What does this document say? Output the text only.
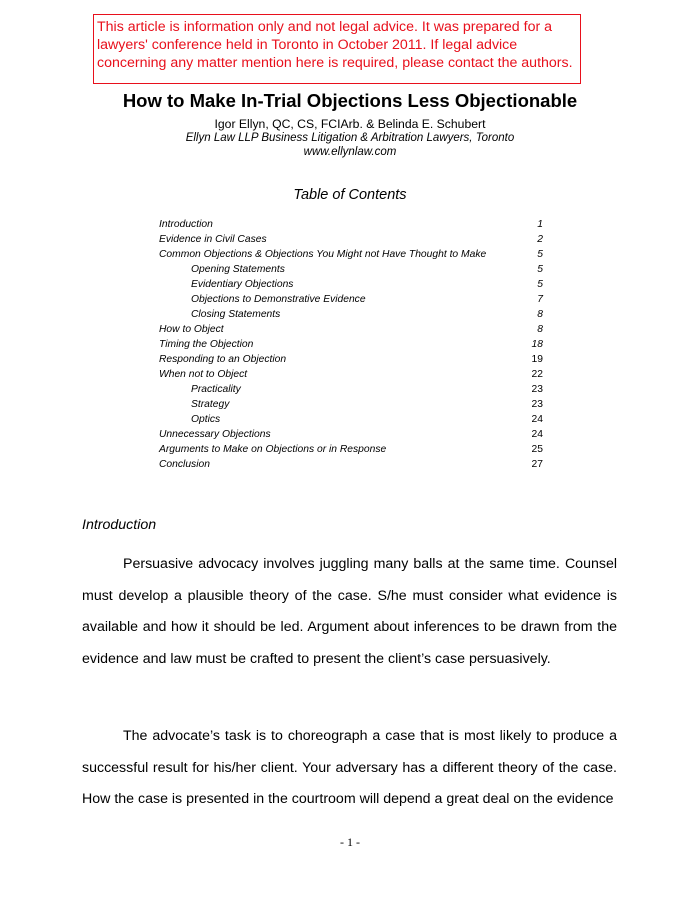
This article is information only and not legal advice. It was prepared for a lawyers' conference held in Toronto in October 2011. If legal advice concerning any matter mention here is required, please contact the authors.
How to Make In-Trial Objections Less Objectionable
Igor Ellyn, QC, CS, FCIArb. & Belinda E. Schubert
Ellyn Law LLP Business Litigation & Arbitration Lawyers, Toronto
www.ellynlaw.com
Table of Contents
Introduction	1
Evidence in Civil Cases	2
Common Objections & Objections You Might not Have Thought to Make	5
Opening Statements	5
Evidentiary Objections	5
Objections to Demonstrative Evidence	7
Closing Statements	8
How to Object	8
Timing the Objection	18
Responding to an Objection	19
When not to Object	22
Practicality	23
Strategy	23
Optics	24
Unnecessary Objections	24
Arguments to Make on Objections or in Response	25
Conclusion	27
Introduction

Persuasive advocacy involves juggling many balls at the same time. Counsel must develop a plausible theory of the case. S/he must consider what evidence is available and how it should be led. Argument about inferences to be drawn from the evidence and law must be crafted to present the client’s case persuasively.

The advocate’s task is to choreograph a case that is most likely to produce a successful result for his/her client. Your adversary has a different theory of the case. How the case is presented in the courtroom will depend a great deal on the evidence

- 1 -
